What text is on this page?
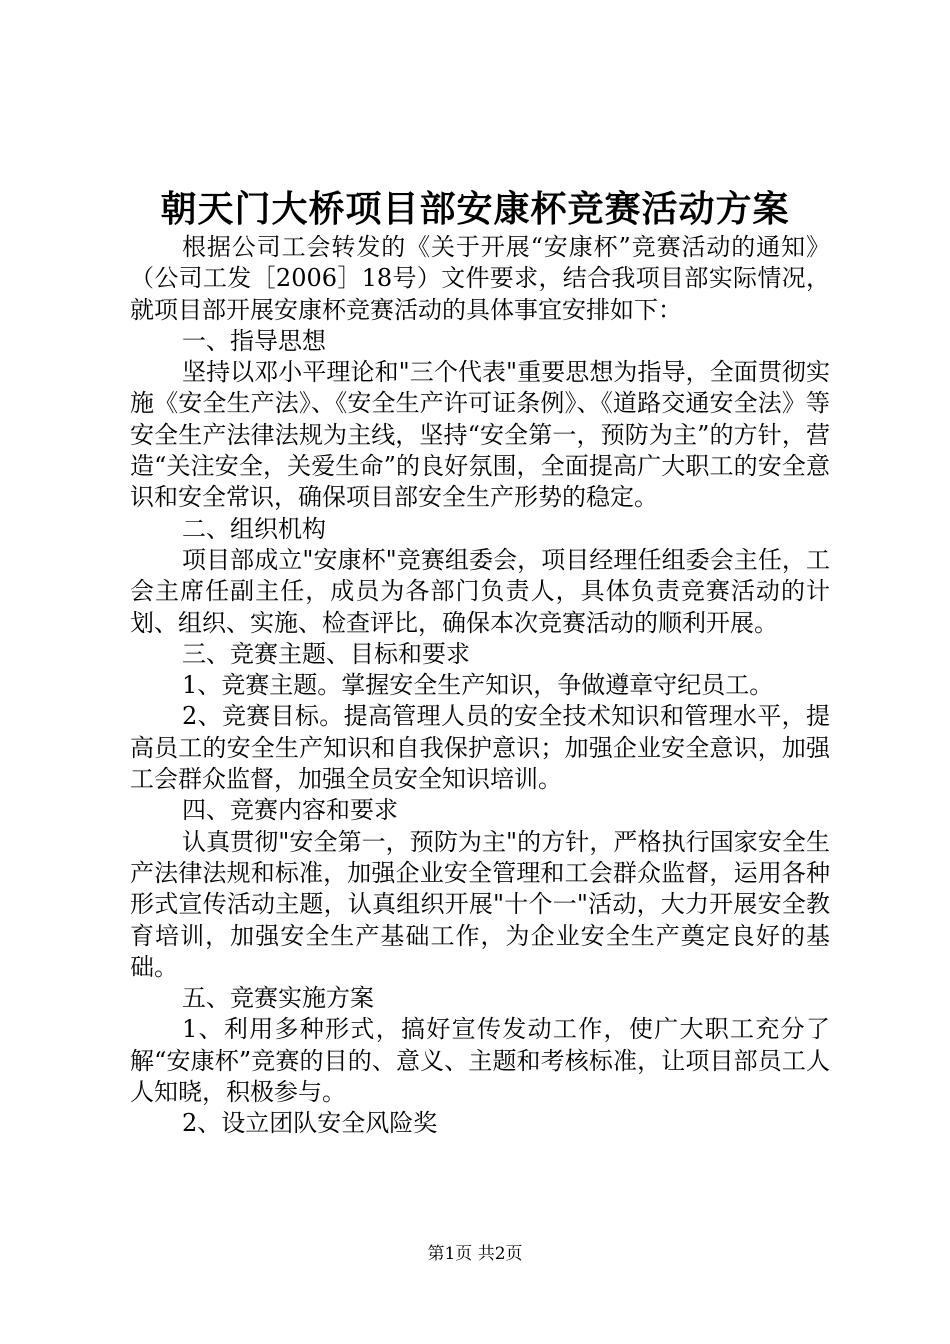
朝天门大桥项目部安康杯竞赛活动方案

根据公司工会转发的《关于开展“安康杯”竞赛活动的通知》（公司工发［2006］18号）文件要求，结合我项目部实际情况，就项目部开展安康杯竞赛活动的具体事宜安排如下：

一、指导思想

坚持以邓小平理论和"三个代表"重要思想为指导，全面贯彻实施《安全生产法》、《安全生产许可证条例》、《道路交通安全法》等安全生产法律法规为主线，坚持“安全第一，预防为主”的方针，营造“关注安全，关爱生命”的良好氛围，全面提高广大职工的安全意识和安全常识，确保项目部安全生产形势的稳定。

二、组织机构

项目部成立"安康杯"竞赛组委会，项目经理任组委会主任，工会主席任副主任，成员为各部门负责人，具体负责竞赛活动的计划、组织、实施、检查评比，确保本次竞赛活动的顺利开展。

三、竞赛主题、目标和要求

1、竞赛主题。掌握安全生产知识，争做遵章守纪员工。

2、竞赛目标。提高管理人员的安全技术知识和管理水平，提高员工的安全生产知识和自我保护意识；加强企业安全意识，加强工会群众监督，加强全员安全知识培训。

四、竞赛内容和要求

认真贯彻"安全第一，预防为主"的方针，严格执行国家安全生产法律法规和标准，加强企业安全管理和工会群众监督，运用各种形式宣传活动主题，认真组织开展"十个一"活动，大力开展安全教育培训，加强安全生产基础工作，为企业安全生产奠定良好的基础。

五、竞赛实施方案

1、利用多种形式，搞好宣传发动工作，使广大职工充分了解“安康杯”竞赛的目的、意义、主题和考核标准，让项目部员工人人知晓，积极参与。

2、设立团队安全风险奖

第1页 共2页
